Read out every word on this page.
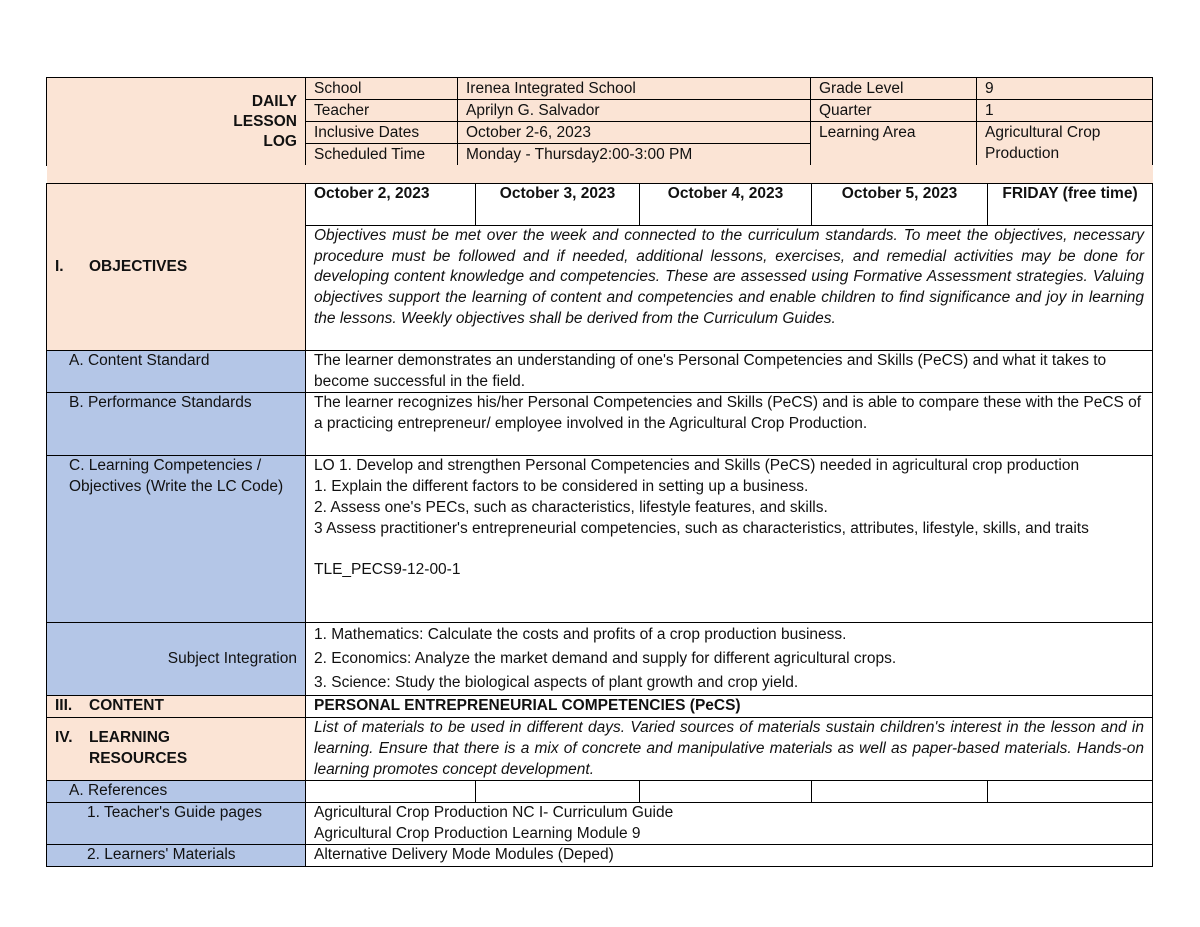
DAILY
LESSON
LOG	School	Irenea Integrated School	Grade Level	9
	Teacher	Aprilyn G. Salvador	Quarter	1
	Inclusive Dates	October 2-6, 2023	Learning Area	Agricultural Crop Production
	Scheduled Time	Monday - Thursday2:00-3:00 PM		

I. OBJECTIVES	October 2, 2023	October 3, 2023	October 4, 2023	October 5, 2023	FRIDAY (free time)
	Objectives must be met over the week and connected to the curriculum standards. To meet the objectives, necessary procedure must be followed and if needed, additional lessons, exercises, and remedial activities may be done for developing content knowledge and competencies. These are assessed using Formative Assessment strategies. Valuing objectives support the learning of content and competencies and enable children to find significance and joy in learning the lessons. Weekly objectives shall be derived from the Curriculum Guides.				
A. Content Standard	The learner demonstrates an understanding of one's Personal Competencies and Skills (PeCS) and what it takes to become successful in the field.				
B. Performance Standards	The learner recognizes his/her Personal Competencies and Skills (PeCS) and is able to compare these with the PeCS of a practicing entrepreneur/ employee involved in the Agricultural Crop Production.				
C. Learning Competencies / Objectives (Write the LC Code)	LO 1. Develop and strengthen Personal Competencies and Skills (PeCS) needed in agricultural crop production
1. Explain the different factors to be considered in setting up a business.
2. Assess one's PECs, such as characteristics, lifestyle features, and skills.
3 Assess practitioner's entrepreneurial competencies, such as characteristics, attributes, lifestyle, skills, and traits
TLE_PECS9-12-00-1				

Subject Integration	1. Mathematics: Calculate the costs and profits of a crop production business.
2. Economics: Analyze the market demand and supply for different agricultural crops.
3. Science: Study the biological aspects of plant growth and crop yield.				

III. CONTENT	PERSONAL ENTREPRENEURIAL COMPETENCIES (PeCS)				

IV. LEARNING RESOURCES	List of materials to be used in different days. Varied sources of materials sustain children's interest in the lesson and in learning. Ensure that there is a mix of concrete and manipulative materials as well as paper-based materials. Hands-on learning promotes concept development.				
A. References					
1. Teacher's Guide pages	Agricultural Crop Production NC I- Curriculum Guide
Agricultural Crop Production Learning Module 9				

2. Learners' Materials	Alternative Delivery Mode Modules (Deped)				
